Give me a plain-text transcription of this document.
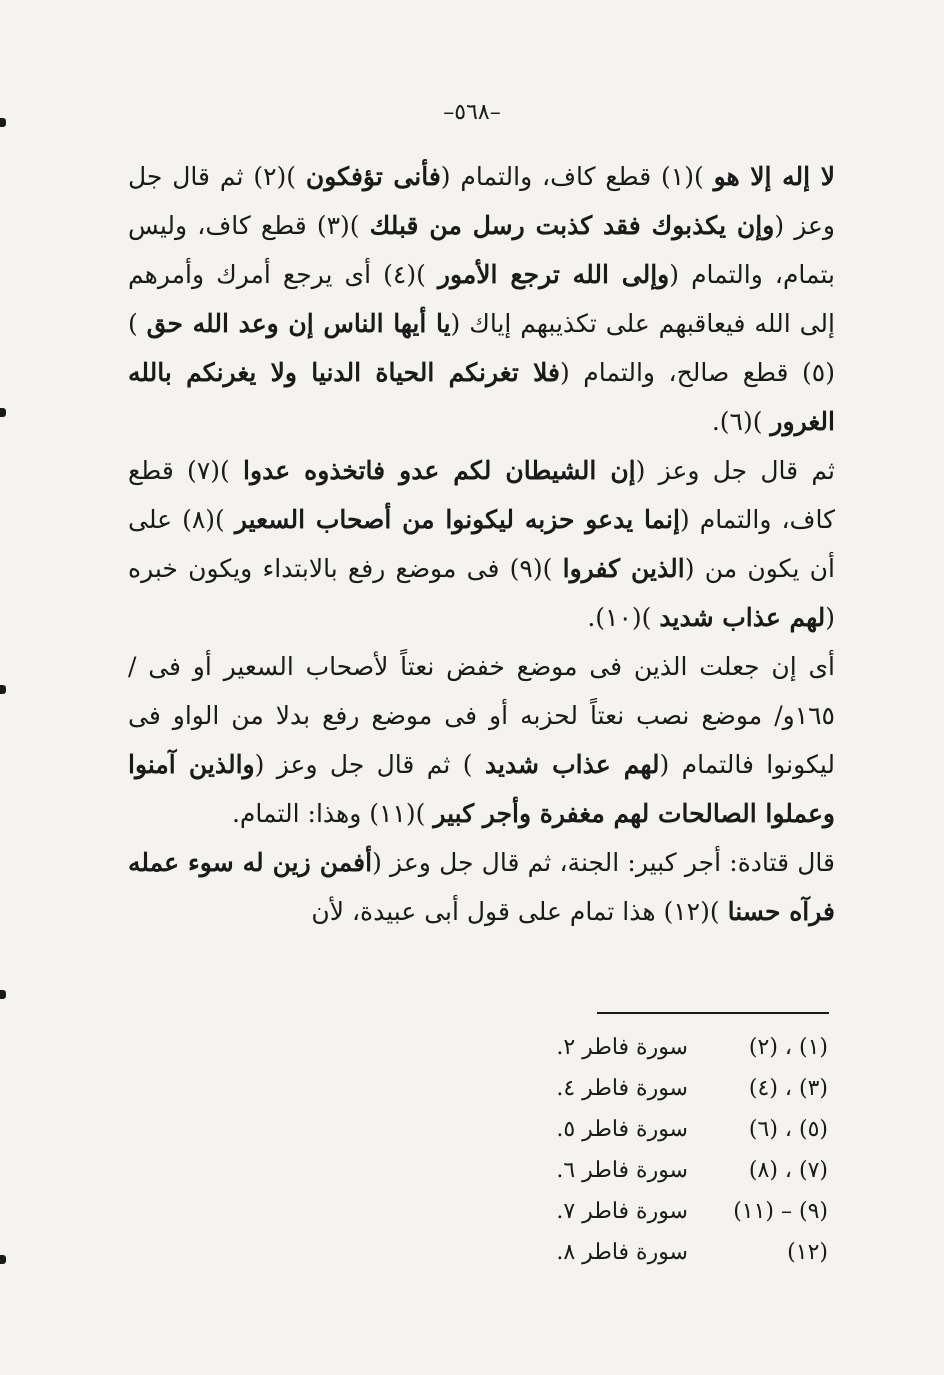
–٥٦٨–

لا إله إلا هو )(١) قطع كاف، والتمام (فأنى تؤفكون )(٢) ثم قال جل وعز (وإن يكذبوك فقد كذبت رسل من قبلك )(٣) قطع كاف، وليس بتمام، والتمام (وإلى الله ترجع الأمور )(٤) أى يرجع أمرك وأمرهم إلى الله فيعاقبهم على تكذيبهم إياك (يا أيها الناس إن وعد الله حق )(٥) قطع صالح، والتمام (فلا تغرنكم الحياة الدنيا ولا يغرنكم بالله الغرور )(٦).

ثم قال جل وعز (إن الشيطان لكم عدو فاتخذوه عدوا )(٧) قطع كاف، والتمام (إنما يدعو حزبه ليكونوا من أصحاب السعير )(٨) على أن يكون من (الذين كفروا )(٩) فى موضع رفع بالابتداء ويكون خبره (لهم عذاب شديد )(١٠).

أى إن جعلت الذين فى موضع خفض نعتاً لأصحاب السعير أو فى /١٦٥و/ موضع نصب نعتاً لحزبه أو فى موضع رفع بدلا من الواو فى ليكونوا فالتمام (لهم عذاب شديد ) ثم قال جل وعز (والذين آمنوا وعملوا الصالحات لهم مغفرة وأجر كبير )(١١) وهذا: التمام.

قال قتادة: أجر كبير: الجنة، ثم قال جل وعز (أفمن زين له سوء عمله فرآه حسنا )(١٢) هذا تمام على قول أبى عبيدة، لأن

(١) ، (٢)
سورة فاطر ٢.
(٣) ، (٤)
سورة فاطر ٤.
(٥) ، (٦)
سورة فاطر ٥.
(٧) ، (٨)
سورة فاطر ٦.
(٩) – (١١)
سورة فاطر ٧.
(١٢)
سورة فاطر ٨.
